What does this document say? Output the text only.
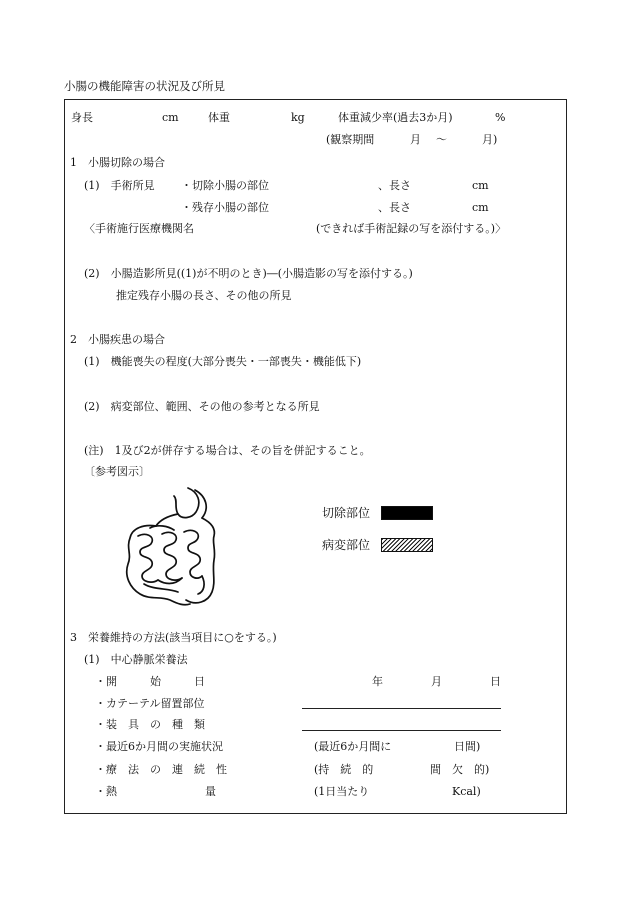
小腸の機能障害の状況及び所見
身長	cm	体重	kg	体重減少率(過去3か月)	%
(観察期間	月 〜	月)
1　小腸切除の場合
(1)　手術所見 ・切除小腸の部位	、長さ	cm
・残存小腸の部位	、長さ	cm
〈手術施行医療機関名	(できれば手術記録の写を添付する。)〉
(2)　小腸造影所見((1)が不明のとき)―(小腸造影の写を添付する。)
推定残存小腸の長さ、その他の所見
2　小腸疾患の場合
(1)　機能喪失の程度(大部分喪失・一部喪失・機能低下)
(2)　病変部位、範囲、その他の参考となる所見
(注)　1及び2が併存する場合は、その旨を併記すること。
〔参考図示〕
切除部位
病変部位
3　栄養維持の方法(該当項目に○をする。)
(1)　中心静脈栄養法
・開　　　始　　　日	年	月	日
・カテーテル留置部位
・装　具　の　種　類
・最近6か月間の実施状況	(最近6か月間に	日間)
・療　法　の　連　続　性	(持　続　的	間　欠　的)
・熱　　　　　　　　量	(1日当たり	Kcal)
